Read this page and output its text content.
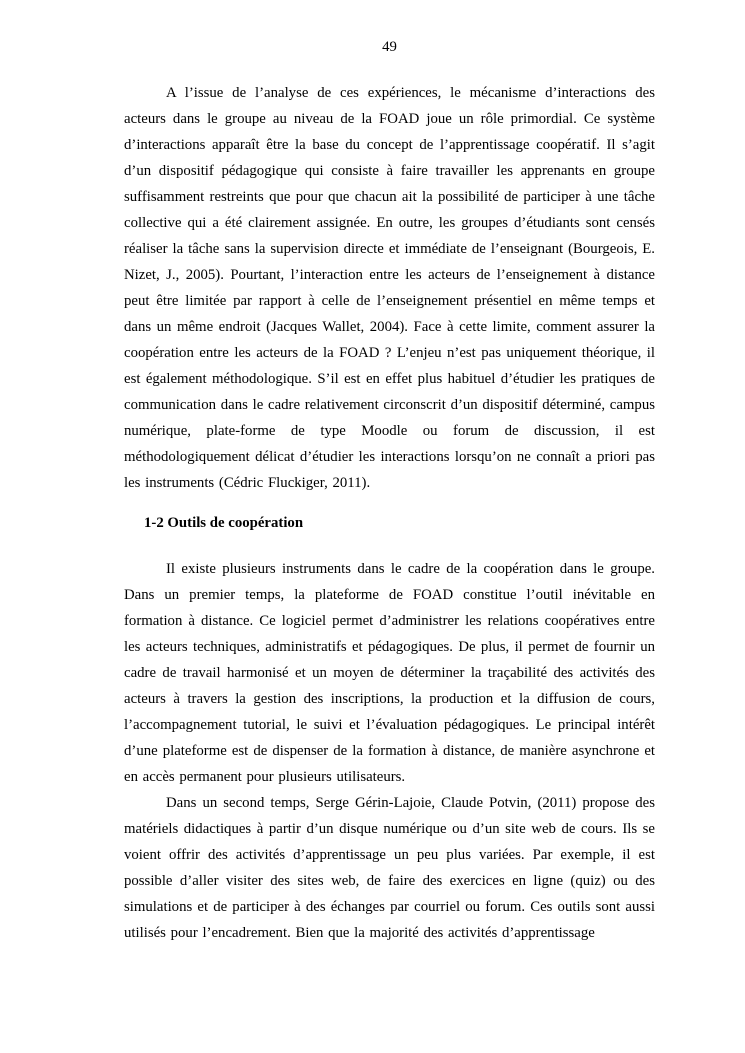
49

A l’issue de l’analyse de ces expériences, le mécanisme d’interactions des acteurs dans le groupe au niveau de la FOAD joue un rôle primordial. Ce système d’interactions apparaît être la base du concept de l’apprentissage coopératif. Il s’agit d’un dispositif pédagogique qui consiste à faire travailler les apprenants en groupe suffisamment restreints que pour que chacun ait la possibilité de participer à une tâche collective qui a été clairement assignée. En outre, les groupes d’étudiants sont censés réaliser la tâche sans la supervision directe et immédiate de l’enseignant (Bourgeois, E. Nizet, J., 2005). Pourtant, l’interaction entre les acteurs de l’enseignement à distance peut être limitée par rapport à celle de l’enseignement présentiel en même temps et dans un même endroit (Jacques Wallet, 2004). Face à cette limite, comment assurer la coopération entre les acteurs de la FOAD ? L’enjeu n’est pas uniquement théorique, il est également méthodologique. S’il est en effet plus habituel d’étudier les pratiques de communication dans le cadre relativement circonscrit d’un dispositif déterminé, campus numérique, plate-forme de type Moodle ou forum de discussion, il est méthodologiquement délicat d’étudier les interactions lorsqu’on ne connaît a priori pas les instruments (Cédric Fluckiger, 2011).

1-2 Outils de coopération

Il existe plusieurs instruments dans le cadre de la coopération dans le groupe. Dans un premier temps, la plateforme de FOAD constitue l’outil inévitable en formation à distance. Ce logiciel permet d’administrer les relations coopératives entre les acteurs techniques, administratifs et pédagogiques. De plus, il permet de fournir un cadre de travail harmonisé et un moyen de déterminer la traçabilité des activités des acteurs à travers la gestion des inscriptions, la production et la diffusion de cours, l’accompagnement tutorial, le suivi et l’évaluation pédagogiques. Le principal intérêt d’une plateforme est de dispenser de la formation à distance, de manière asynchrone et en accès permanent pour plusieurs utilisateurs.

Dans un second temps, Serge Gérin-Lajoie, Claude Potvin, (2011) propose des matériels didactiques à partir d’un disque numérique ou d’un site web de cours. Ils se voient offrir des activités d’apprentissage un peu plus variées. Par exemple, il est possible d’aller visiter des sites web, de faire des exercices en ligne (quiz) ou des simulations et de participer à des échanges par courriel ou forum. Ces outils sont aussi utilisés pour l’encadrement. Bien que la majorité des activités d’apprentissage
